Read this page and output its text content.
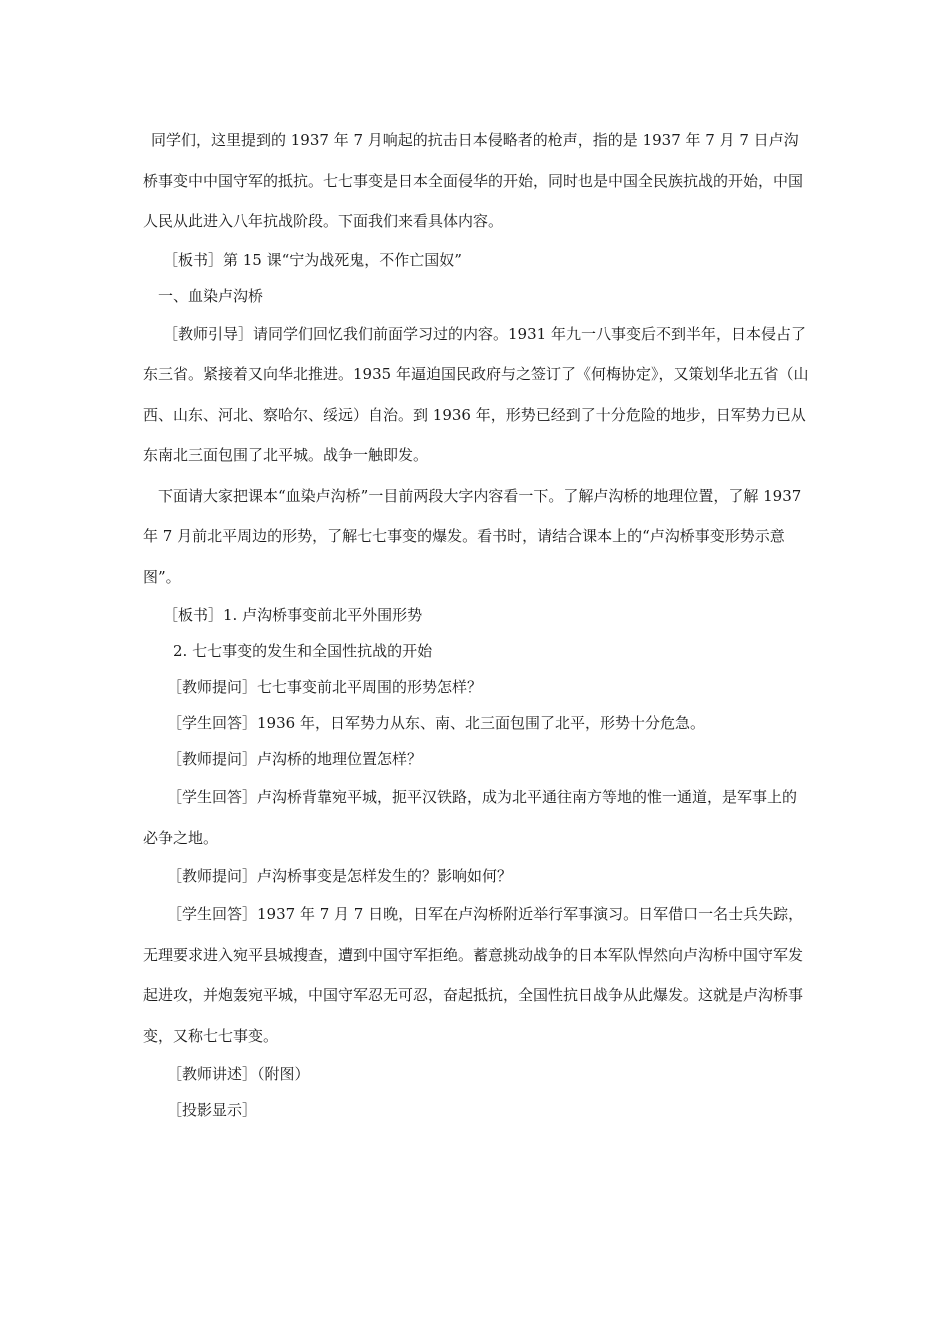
同学们，这里提到的 1937 年 7 月响起的抗击日本侵略者的枪声，指的是 1937 年 7 月 7 日卢沟桥事变中中国守军的抵抗。七七事变是日本全面侵华的开始，同时也是中国全民族抗战的开始，中国人民从此进入八年抗战阶段。下面我们来看具体内容。

［板书］第 15 课“宁为战死鬼，不作亡国奴”

一、血染卢沟桥

［教师引导］请同学们回忆我们前面学习过的内容。1931 年九一八事变后不到半年，日本侵占了东三省。紧接着又向华北推进。1935 年逼迫国民政府与之签订了《何梅协定》，又策划华北五省（山西、山东、河北、察哈尔、绥远）自治。到 1936 年，形势已经到了十分危险的地步，日军势力已从东南北三面包围了北平城。战争一触即发。

下面请大家把课本“血染卢沟桥”一目前两段大字内容看一下。了解卢沟桥的地理位置，了解 1937 年 7 月前北平周边的形势，了解七七事变的爆发。看书时，请结合课本上的“卢沟桥事变形势示意图”。

［板书］1. 卢沟桥事变前北平外围形势

2. 七七事变的发生和全国性抗战的开始

［教师提问］七七事变前北平周围的形势怎样？

［学生回答］1936 年，日军势力从东、南、北三面包围了北平，形势十分危急。

［教师提问］卢沟桥的地理位置怎样？

［学生回答］卢沟桥背靠宛平城，扼平汉铁路，成为北平通往南方等地的惟一通道，是军事上的必争之地。

［教师提问］卢沟桥事变是怎样发生的？影响如何？

［学生回答］1937 年 7 月 7 日晚，日军在卢沟桥附近举行军事演习。日军借口一名士兵失踪，无理要求进入宛平县城搜查，遭到中国守军拒绝。蓄意挑动战争的日本军队悍然向卢沟桥中国守军发起进攻，并炮轰宛平城，中国守军忍无可忍，奋起抵抗，全国性抗日战争从此爆发。这就是卢沟桥事变，又称七七事变。

［教师讲述］（附图）

［投影显示］
